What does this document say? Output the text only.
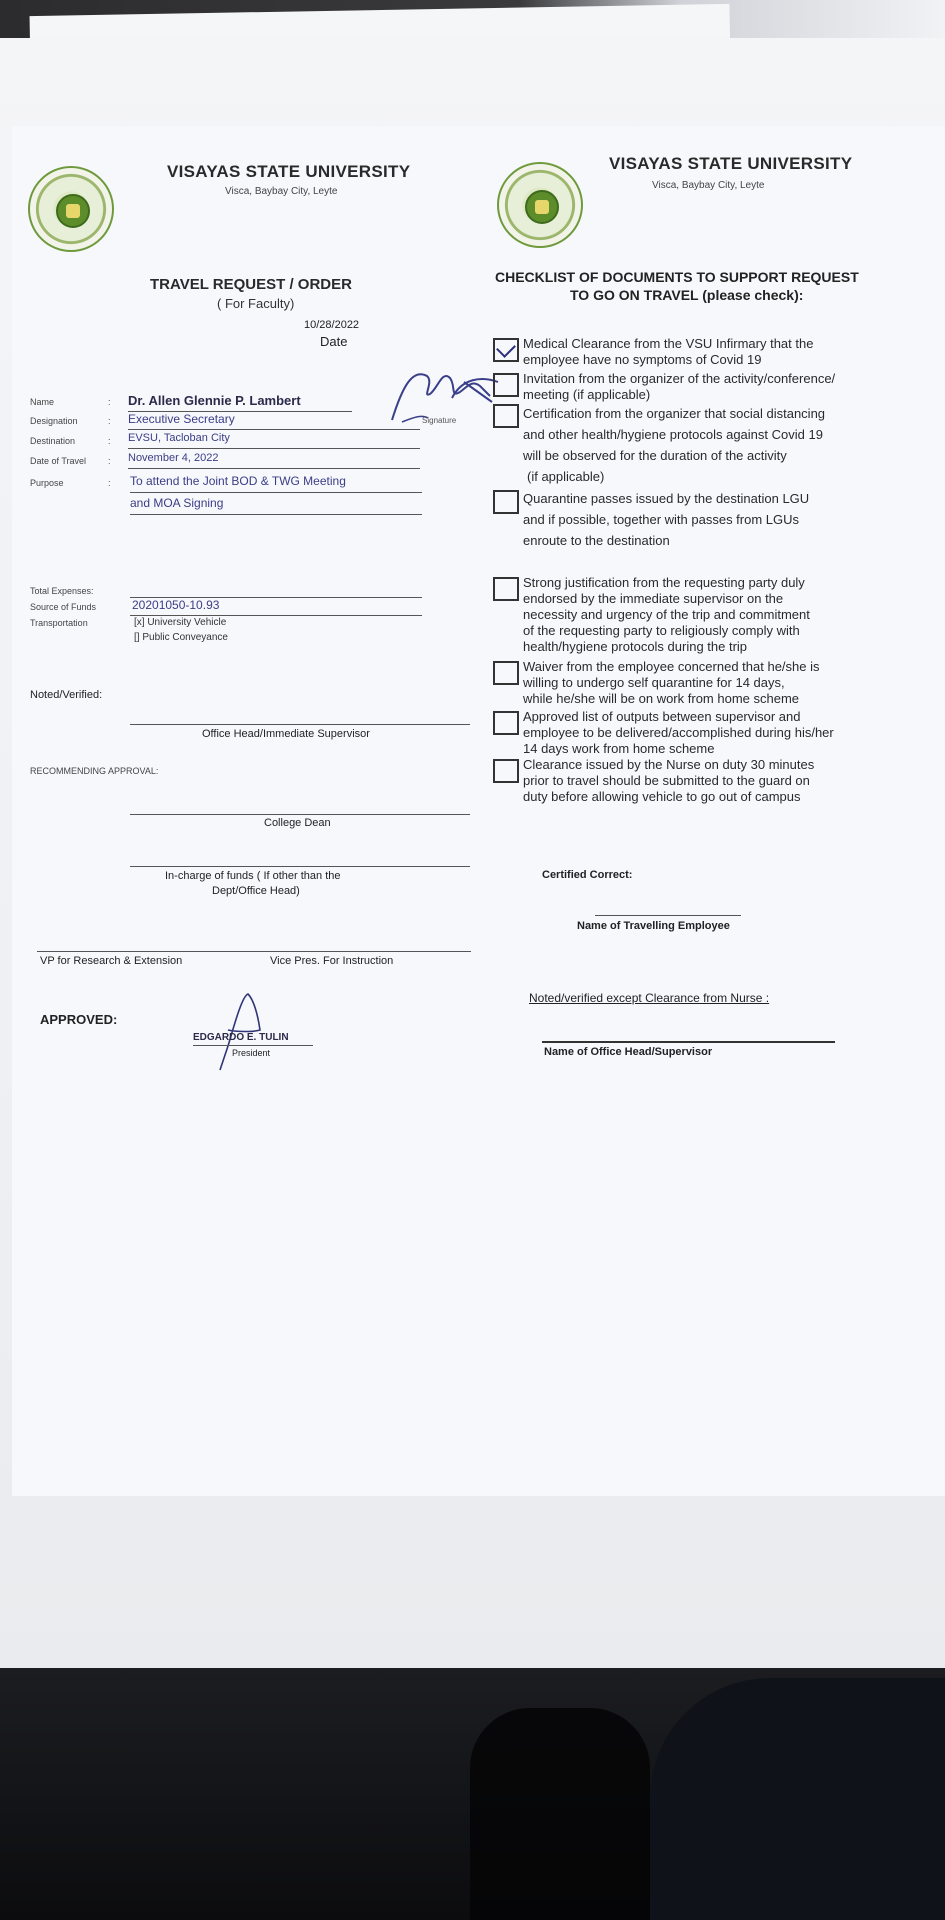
VISAYAS STATE UNIVERSITY
Visca, Baybay City, Leyte
TRAVEL REQUEST / ORDER
( For Faculty)
10/28/2022
Date
Name	: Dr. Allen Glennie P. Lambert
Designation	: Executive Secretary
Destination	: EVSU, Tacloban City
Date of Travel : November 4, 2022
Purpose	: To attend the Joint BOD & TWG Meeting
and MOA Signing
Signature
Total Expenses:
Source of Funds	20201050-10.93
Transportation	[x] University Vehicle
[] Public Conveyance
Noted/Verified:
Office Head/Immediate Supervisor
RECOMMENDING APPROVAL:
College Dean
In-charge of funds ( If other than the
Dept/Office Head)
VP for Research & Extension	Vice Pres. For Instruction
APPROVED:
EDGARDO E. TULIN
President
VISAYAS STATE UNIVERSITY
Visca, Baybay City, Leyte
CHECKLIST OF DOCUMENTS TO SUPPORT REQUEST
TO GO ON TRAVEL (please check):
Medical Clearance from the VSU Infirmary that the
employee have no symptoms of Covid 19
Invitation from the organizer of the activity/conference/
meeting (if applicable)
Certification from the organizer that social distancing
and other health/hygiene protocols against Covid 19
will be observed for the duration of the activity
(if applicable)
Quarantine passes issued by the destination LGU
and if possible, together with passes from LGUs
enroute to the destination
Strong justification from the requesting party duly
endorsed by the immediate supervisor on the
necessity and urgency of the trip and commitment
of the requesting party to religiously comply with
health/hygiene protocols during the trip
Waiver from the employee concerned that he/she is
willing to undergo self quarantine for 14 days,
while he/she will be on work from home scheme
Approved list of outputs between supervisor and
employee to be delivered/accomplished during his/her
14 days work from home scheme
Clearance issued by the Nurse on duty 30 minutes
prior to travel should be submitted to the guard on
duty before allowing vehicle to go out of campus
Certified Correct:
Name of Travelling Employee
Noted/verified except Clearance from Nurse :
Name of Office Head/Supervisor
